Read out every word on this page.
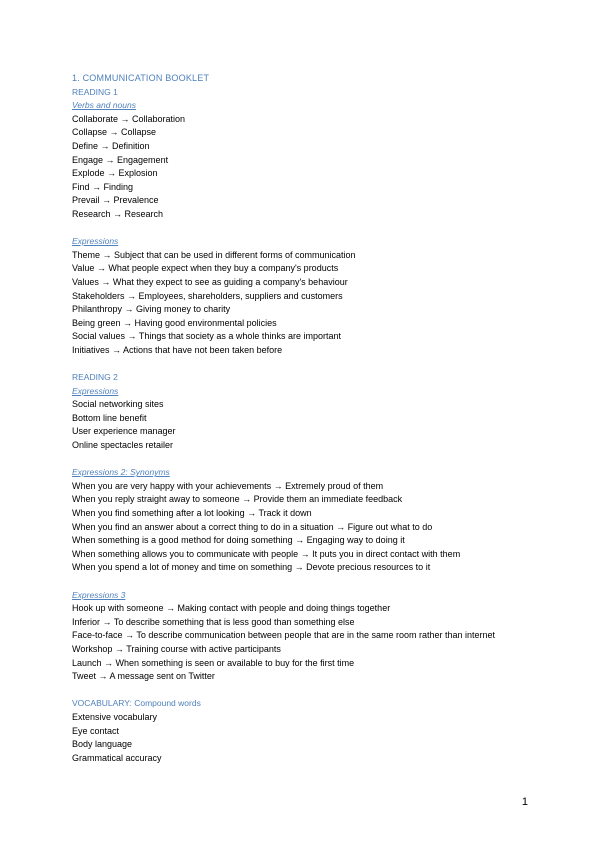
1. COMMUNICATION BOOKLET
READING 1
Verbs and nouns
Collaborate → Collaboration
Collapse → Collapse
Define → Definition
Engage → Engagement
Explode → Explosion
Find → Finding
Prevail → Prevalence
Research → Research
Expressions
Theme → Subject that can be used in different forms of communication
Value → What people expect when they buy a company's products
Values → What they expect to see as guiding a company's behaviour
Stakeholders → Employees, shareholders, suppliers and customers
Philanthropy → Giving money to charity
Being green → Having good environmental policies
Social values → Things that society as a whole thinks are important
Initiatives → Actions that have not been taken before
READING 2
Expressions
Social networking sites
Bottom line benefit
User experience manager
Online spectacles retailer
Expressions 2: Synonyms
When you are very happy with your achievements → Extremely proud of them
When you reply straight away to someone → Provide them an immediate feedback
When you find something after a lot looking → Track it down
When you find an answer about a correct thing to do in a situation → Figure out what to do
When something is a good method for doing something → Engaging way to doing it
When something allows you to communicate with people → It puts you in direct contact with them
When you spend a lot of money and time on something → Devote precious resources to it
Expressions 3
Hook up with someone → Making contact with people and doing things together
Inferior → To describe something that is less good than something else
Face-to-face → To describe communication between people that are in the same room rather than internet
Workshop → Training course with active participants
Launch → When something is seen or available to buy for the first time
Tweet → A message sent on Twitter
VOCABULARY: Compound words
Extensive vocabulary
Eye contact
Body language
Grammatical accuracy
1
